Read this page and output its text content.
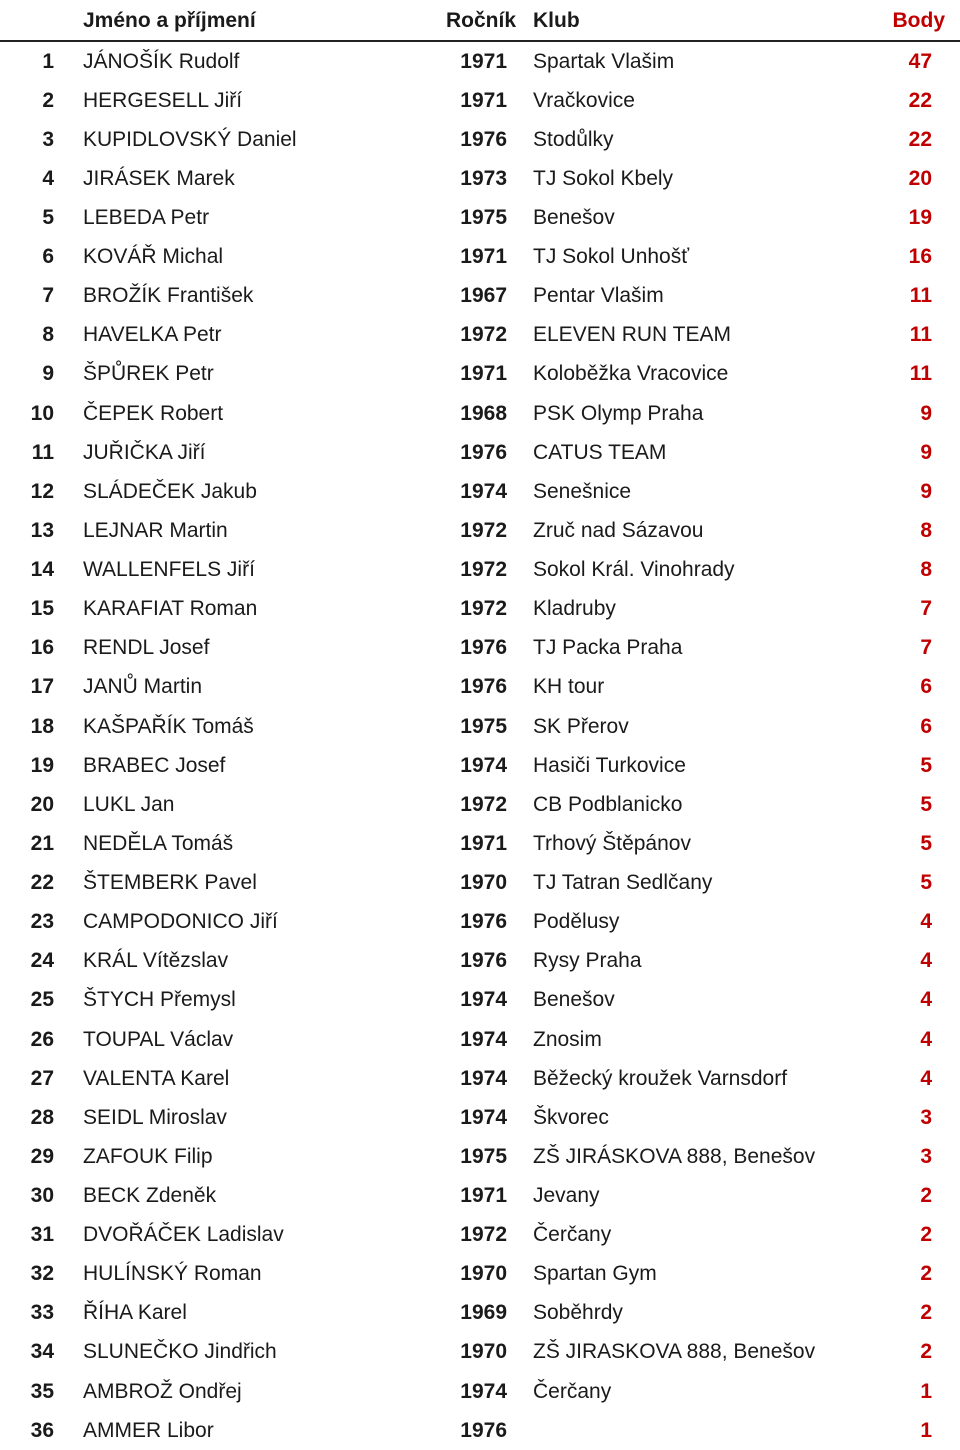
Jméno a příjmení	Ročník Klub	Body
1 JÁNOŠÍK Rudolf	1971 Spartak Vlašim	47
2 HERGESELL Jiří	1971 Vračkovice	22
3 KUPIDLOVSKÝ Daniel	1976 Stodůlky	22
4 JIRÁSEK Marek	1973 TJ Sokol Kbely	20
5 LEBEDA Petr	1975 Benešov	19
6 KOVÁŘ Michal	1971 TJ Sokol Unhošť	16
7 BROŽÍK František	1967 Pentar Vlašim	11
8 HAVELKA Petr	1972 ELEVEN RUN TEAM	11
9 ŠPŮREK Petr	1971 Koloběžka Vracovice	11
10 ČEPEK Robert	1968 PSK Olymp Praha	9
11 JUŘIČKA Jiří	1976 CATUS TEAM	9
12 SLÁDEČEK Jakub	1974 Senešnice	9
13 LEJNAR Martin	1972 Zruč nad Sázavou	8
14 WALLENFELS Jiří	1972 Sokol Král. Vinohrady	8
15 KARAFIAT Roman	1972 Kladruby	7
16 RENDL Josef	1976 TJ Packa Praha	7
17 JANŮ Martin	1976 KH tour	6
18 KAŠPAŘÍK Tomáš	1975 SK Přerov	6
19 BRABEC Josef	1974 Hasiči Turkovice	5
20 LUKL Jan	1972 CB Podblanicko	5
21 NEDĚLA Tomáš	1971 Trhový Štěpánov	5
22 ŠTEMBERK Pavel	1970 TJ Tatran Sedlčany	5
23 CAMPODONICO Jiří	1976 Podělusy	4
24 KRÁL Vítězslav	1976 Rysy Praha	4
25 ŠTYCH Přemysl	1974 Benešov	4
26 TOUPAL Václav	1974 Znosim	4
27 VALENTA Karel	1974 Běžecký kroužek Varnsdorf	4
28 SEIDL Miroslav	1974 Škvorec	3
29 ZAFOUK Filip	1975 ZŠ JIRÁSKOVA 888, Benešov	3
30 BECK Zdeněk	1971 Jevany	2
31 DVOŘÁČEK Ladislav	1972 Čerčany	2
32 HULÍNSKÝ Roman	1970 Spartan Gym	2
33 ŘÍHA Karel	1969 Soběhrdy	2
34 SLUNEČKO Jindřich	1970 ZŠ JIRASKOVA 888, Benešov	2
35 AMBROŽ Ondřej	1974 Čerčany	1
36 AMMER Libor	1976	1
